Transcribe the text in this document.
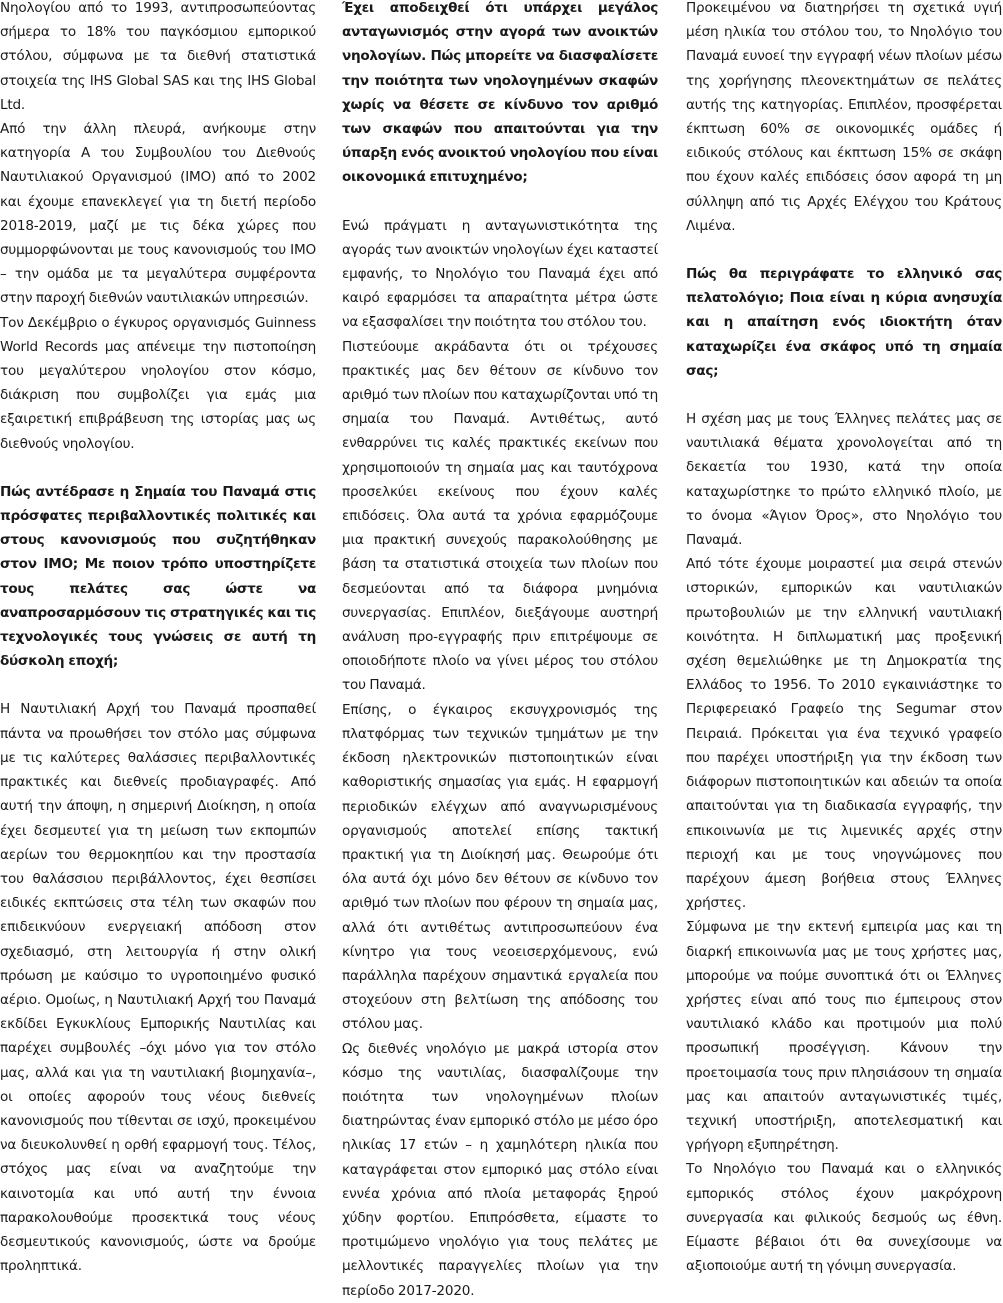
Νηολογίου από το 1993, αντιπροσωπεύοντας σήμερα το 18% του παγκόσμιου εμπορικού στόλου, σύμφωνα με τα διεθνή στατιστικά στοιχεία της IHS Global SAS και της IHS Global Ltd.

Από την άλλη πλευρά, ανήκουμε στην κατηγορία Α του Συμβουλίου του Διεθνούς Ναυτιλιακού Οργανισμού (IMO) από το 2002 και έχουμε επανεκλεγεί για τη διετή περίοδο 2018-2019, μαζί με τις δέκα χώρες που συμμορφώνονται με τους κανονισμούς του ΙΜΟ – την ομάδα με τα μεγαλύτερα συμφέροντα στην παροχή διεθνών ναυτιλιακών υπηρεσιών.

Τον Δεκέμβριο ο έγκυρος οργανισμός Guinness World Records μας απένειμε την πιστοποίηση του μεγαλύτερου νηολογίου στον κόσμο, διάκριση που συμβολίζει για εμάς μια εξαιρετική επιβράβευση της ιστορίας μας ως διεθνούς νηολογίου.

Πώς αντέδρασε η Σημαία του Παναμά στις πρόσφατες περιβαλλοντικές πολιτικές και στους κανονισμούς που συζητήθηκαν στον ΙΜΟ; Με ποιον τρόπο υποστηρίζετε τους πελάτες σας ώστε να αναπροσαρμόσουν τις στρατηγικές και τις τεχνολογικές τους γνώσεις σε αυτή τη δύσκολη εποχή;

Η Ναυτιλιακή Αρχή του Παναμά προσπαθεί πάντα να προωθήσει τον στόλο μας σύμφωνα με τις καλύτερες θαλάσσιες περιβαλλοντικές πρακτικές και διεθνείς προδιαγραφές. Από αυτή την άποψη, η σημερινή Διοίκηση, η οποία έχει δεσμευτεί για τη μείωση των εκπομπών αερίων του θερμοκηπίου και την προστασία του θαλάσσιου περιβάλλοντος, έχει θεσπίσει ειδικές εκπτώσεις στα τέλη των σκαφών που επιδεικνύουν ενεργειακή απόδοση στον σχεδιασμό, στη λειτουργία ή στην ολική πρόωση με καύσιμο το υγροποιημένο φυσικό αέριο. Ομοίως, η Ναυτιλιακή Αρχή του Παναμά εκδίδει Εγκυκλίους Εμπορικής Ναυτιλίας και παρέχει συμβουλές –όχι μόνο για τον στόλο μας, αλλά και για τη ναυτιλιακή βιομηχανία–, οι οποίες αφορούν τους νέους διεθνείς κανονισμούς που τίθενται σε ισχύ, προκειμένου να διευκολυνθεί η ορθή εφαρμογή τους. Τέλος, στόχος μας είναι να αναζητούμε την καινοτομία και υπό αυτή την έννοια παρακολουθούμε προσεκτικά τους νέους δεσμευτικούς κανονισμούς, ώστε να δρούμε προληπτικά.

Έχει αποδειχθεί ότι υπάρχει μεγάλος ανταγωνισμός στην αγορά των ανοικτών νηολογίων. Πώς μπορείτε να διασφαλίσετε την ποιότητα των νηολογημένων σκαφών χωρίς να θέσετε σε κίνδυνο τον αριθμό των σκαφών που απαιτούνται για την ύπαρξη ενός ανοικτού νηολογίου που είναι οικονομικά επιτυχημένο;

Ενώ πράγματι η ανταγωνιστικότητα της αγοράς των ανοικτών νηολογίων έχει καταστεί εμφανής, το Νηολόγιο του Παναμά έχει από καιρό εφαρμόσει τα απαραίτητα μέτρα ώστε να εξασφαλίσει την ποιότητα του στόλου του.

Πιστεύουμε ακράδαντα ότι οι τρέχουσες πρακτικές μας δεν θέτουν σε κίνδυνο τον αριθμό των πλοίων που καταχωρίζονται υπό τη σημαία του Παναμά. Αντιθέτως, αυτό ενθαρρύνει τις καλές πρακτικές εκείνων που χρησιμοποιούν τη σημαία μας και ταυτόχρονα προσελκύει εκείνους που έχουν καλές επιδόσεις. Όλα αυτά τα χρόνια εφαρμόζουμε μια πρακτική συνεχούς παρακολούθησης με βάση τα στατιστικά στοιχεία των πλοίων που δεσμεύονται από τα διάφορα μνημόνια συνεργασίας. Επιπλέον, διεξάγουμε αυστηρή ανάλυση προ-εγγραφής πριν επιτρέψουμε σε οποιοδήποτε πλοίο να γίνει μέρος του στόλου του Παναμά.

Επίσης, ο έγκαιρος εκσυγχρονισμός της πλατφόρμας των τεχνικών τμημάτων με την έκδοση ηλεκτρονικών πιστοποιητικών είναι καθοριστικής σημασίας για εμάς. Η εφαρμογή περιοδικών ελέγχων από αναγνωρισμένους οργανισμούς αποτελεί επίσης τακτική πρακτική για τη Διοίκησή μας. Θεωρούμε ότι όλα αυτά όχι μόνο δεν θέτουν σε κίνδυνο τον αριθμό των πλοίων που φέρουν τη σημαία μας, αλλά ότι αντιθέτως αντιπροσωπεύουν ένα κίνητρο για τους νεοεισερχόμενους, ενώ παράλληλα παρέχουν σημαντικά εργαλεία που στοχεύουν στη βελτίωση της απόδοσης του στόλου μας.

Ως διεθνές νηολόγιο με μακρά ιστορία στον κόσμο της ναυτιλίας, διασφαλίζουμε την ποιότητα των νηολογημένων πλοίων διατηρώντας έναν εμπορικό στόλο με μέσο όρο ηλικίας 17 ετών – η χαμηλότερη ηλικία που καταγράφεται στον εμπορικό μας στόλο είναι εννέα χρόνια από πλοία μεταφοράς ξηρού χύδην φορτίου. Επιπρόσθετα, είμαστε το προτιμώμενο νηολόγιο για τους πελάτες με μελλοντικές παραγγελίες πλοίων για την περίοδο 2017-2020.

Προκειμένου να διατηρήσει τη σχετικά υγιή μέση ηλικία του στόλου του, το Νηολόγιο του Παναμά ευνοεί την εγγραφή νέων πλοίων μέσω της χορήγησης πλεονεκτημάτων σε πελάτες αυτής της κατηγορίας. Επιπλέον, προσφέρεται έκπτωση 60% σε οικονομικές ομάδες ή ειδικούς στόλους και έκπτωση 15% σε σκάφη που έχουν καλές επιδόσεις όσον αφορά τη μη σύλληψη από τις Αρχές Ελέγχου του Κράτους Λιμένα.

Πώς θα περιγράφατε το ελληνικό σας πελατολόγιο; Ποια είναι η κύρια ανησυχία και η απαίτηση ενός ιδιοκτήτη όταν καταχωρίζει ένα σκάφος υπό τη σημαία σας;

Η σχέση μας με τους Έλληνες πελάτες μας σε ναυτιλιακά θέματα χρονολογείται από τη δεκαετία του 1930, κατά την οποία καταχωρίστηκε το πρώτο ελληνικό πλοίο, με το όνομα «Άγιον Όρος», στο Νηολόγιο του Παναμά.

Από τότε έχουμε μοιραστεί μια σειρά στενών ιστορικών, εμπορικών και ναυτιλιακών πρωτοβουλιών με την ελληνική ναυτιλιακή κοινότητα. Η διπλωματική μας προξενική σχέση θεμελιώθηκε με τη Δημοκρατία της Ελλάδος το 1956. Το 2010 εγκαινιάστηκε το Περιφερειακό Γραφείο της Segumar στον Πειραιά. Πρόκειται για ένα τεχνικό γραφείο που παρέχει υποστήριξη για την έκδοση των διάφορων πιστοποιητικών και αδειών τα οποία απαιτούνται για τη διαδικασία εγγραφής, την επικοινωνία με τις λιμενικές αρχές στην περιοχή και με τους νηογνώμονες που παρέχουν άμεση βοήθεια στους Έλληνες χρήστες.

Σύμφωνα με την εκτενή εμπειρία μας και τη διαρκή επικοινωνία μας με τους χρήστες μας, μπορούμε να πούμε συνοπτικά ότι οι Έλληνες χρήστες είναι από τους πιο έμπειρους στον ναυτιλιακό κλάδο και προτιμούν μια πολύ προσωπική προσέγγιση. Κάνουν την προετοιμασία τους πριν πλησιάσουν τη σημαία μας και απαιτούν ανταγωνιστικές τιμές, τεχνική υποστήριξη, αποτελεσματική και γρήγορη εξυπηρέτηση.

Το Νηολόγιο του Παναμά και ο ελληνικός εμπορικός στόλος έχουν μακρόχρονη συνεργασία και φιλικούς δεσμούς ως έθνη. Είμαστε βέβαιοι ότι θα συνεχίσουμε να αξιοποιούμε αυτή τη γόνιμη συνεργασία.
